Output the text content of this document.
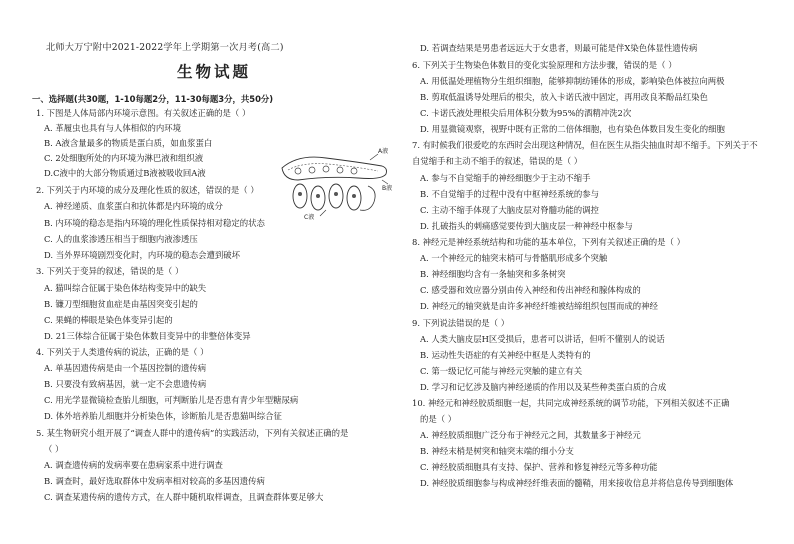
北师大万宁附中2021-2022学年上学期第一次月考(高二)
生物试题
一、选择题(共30题，1-10每题2分，11-30每题3分，共50分)
1. 下图是人体局部内环境示意图。有关叙述正确的是（ ）
A. 革履虫也具有与人体相似的内环境
B. A液含量最多的物质是蛋白质，如血浆蛋白
C. 2处细胞所处的内环境为淋巴液和组织液
D.C液中的大部分物质通过B液被吸收回A液
2. 下列关于内环境的成分及理化性质的叙述，错误的是（ ）
A. 神经递质、血浆蛋白和抗体都是内环境的成分
B. 内环境的稳态是指内环境的理化性质保持相对稳定的状态
C. 人的血浆渗透压相当于细胞内液渗透压
D. 当外界环境剧烈变化时，内环境的稳态会遭到破坏
3. 下列关于变异的叙述，错误的是（ ）
A. 猫叫综合征属于染色体结构变异中的缺失
B. 镰刀型细胞贫血症是由基因突变引起的
C. 果蝇的棒眼是染色体变异引起的
D. 21三体综合征属于染色体数目变异中的非整倍体变异
4. 下列关于人类遗传病的说法，正确的是（ ）
A. 单基因遗传病是由一个基因控制的遗传病
B. 只要没有致病基因，就一定不会患遗传病
C. 用光学显微镜检查胎儿细胞，可判断胎儿是否患有青少年型糖尿病
D. 体外培养胎儿细胞并分析染色体，诊断胎儿是否患猫叫综合征
5. 某生物研究小组开展了“调查人群中的遗传病”的实践活动，下列有关叙述正确的是
（ ）
A. 调查遗传病的发病率要在患病家系中进行调查
B. 调查时，最好选取群体中发病率相对较高的多基因遗传病
C. 调查某遗传病的遗传方式，在人群中随机取样调查，且调查群体要足够大
A液
B液
C液
D. 若调查结果是男患者远远大于女患者，则最可能是伴X染色体显性遗传病
6. 下列关于生物染色体数目的变化实验原理和方法步骤，错误的是（ ）
A. 用低温处理植物分生组织细胞，能够抑制纺锤体的形成，影响染色体被拉向两极
B. 剪取低温诱导处理后的根尖，放入卡诺氏液中固定，再用改良苯酚品红染色
C. 卡诺氏液处理根尖后用体积分数为95%的酒精冲洗2次
D. 用显微镜观察，视野中既有正常的二倍体细胞，也有染色体数目发生变化的细胞
7. 有时候我们很爱吃的东西时会出现这种情况，但在医生从指尖抽血时却不缩手。下列关于不
自觉缩手和主动不缩手的叙述，错误的是（ ）
A. 参与不自觉缩手的神经细胞少于主动不缩手
B. 不自觉缩手的过程中没有中枢神经系统的参与
C. 主动不缩手体现了大脑皮层对脊髓功能的调控
D. 扎破指头的刺痛感觉要传到大脑皮层一种神经中枢参与
8. 神经元是神经系统结构和功能的基本单位，下列有关叙述正确的是（ ）
A. 一个神经元的轴突末梢可与骨骼肌形成多个突触
B. 神经细胞均含有一条轴突和多条树突
C. 感受器和效应器分别由传入神经和传出神经和腺体构成的
D. 神经元的轴突就是由许多神经纤维被结缔组织包围而成的神经
9. 下列说法错误的是（ ）
A. 人类大脑皮层H区受损后，患者可以讲话，但听不懂别人的说话
B. 运动性失语症的有关神经中枢是人类特有的
C. 第一级记忆可能与神经元突触的建立有关
D. 学习和记忆涉及脑内神经递质的作用以及某些种类蛋白质的合成
10. 神经元和神经胶质细胞一起，共同完成神经系统的调节功能，下列相关叙述不正确
的是（ ）
A. 神经胶质细胞广泛分布于神经元之间，其数量多于神经元
B. 神经末梢是树突和轴突末端的细小分支
C. 神经胶质细胞具有支持、保护、营养和修复神经元等多种功能
D. 神经胶质细胞参与构成神经纤维表面的髓鞘，用来接收信息并将信息传导到细胞体
